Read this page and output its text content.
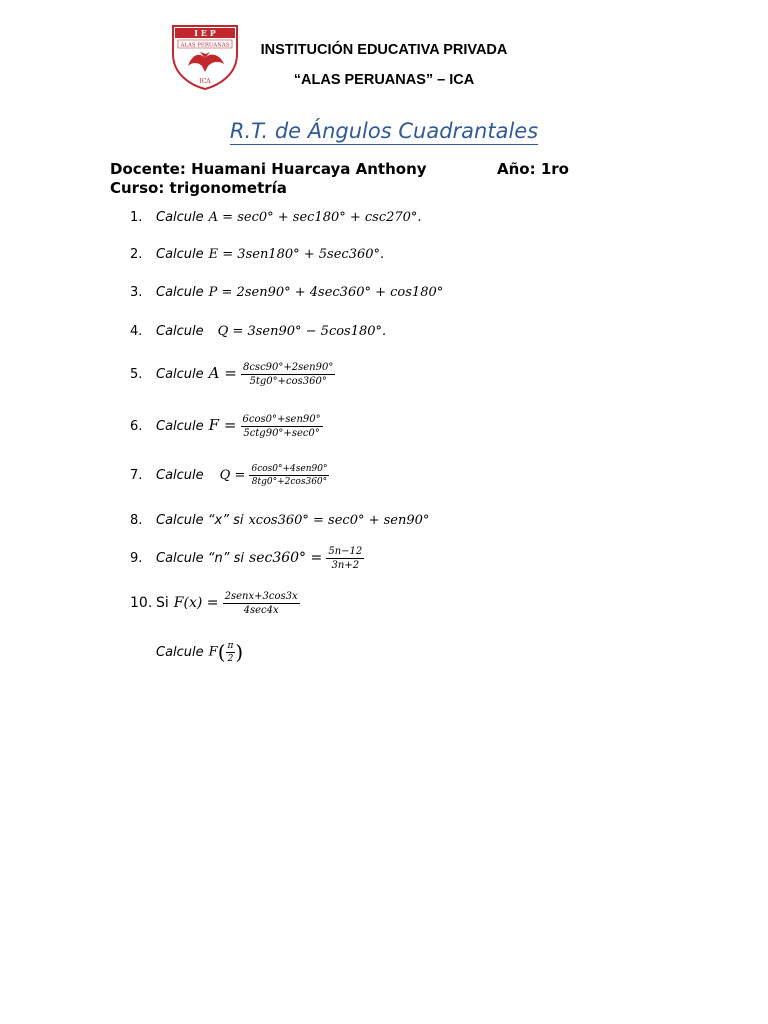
I E P
ALAS PERUANAS
ICA
INSTITUCIÓN EDUCATIVA PRIVADA
“ALAS PERUANAS” – ICA
R.T. de Ángulos Cuadrantales
Docente: Huamani Huarcaya Anthony	Año: 1ro
Curso: trigonometría
1. Calcule A = sec0° + sec180° + csc270°.
2. Calcule E = 3sen180° + 5sec360°.
3. Calcule P = 2sen90° + 4sec360° + cos180°
4. Calcule Q = 3sen90° − 5cos180°.
5. Calcule $A = \frac{\text{8csc90°+2sen90°}}{5tg0^\circ+\cos 360^\circ}$
6. Calcule $F = \frac{\text{6cos0°+sen90°}}{\text{5ctg90°+sec0°}}$
7. Calcule $Q = \frac{\text{6cos0°+4sen90°}}{8tg0^\circ+2\cos 360^\circ}$
8. Calcule “x” si xcos360° = sec0° + sen90°
9. Calcule “n” si $\sec 360^\circ = \frac{5n-12}{3n+2}$
10. Si $F(x) = \frac{\text{2senx+3cos3x}}{4\sec 4x}$
Calcule $F( \frac{\pi}{2}$ )
